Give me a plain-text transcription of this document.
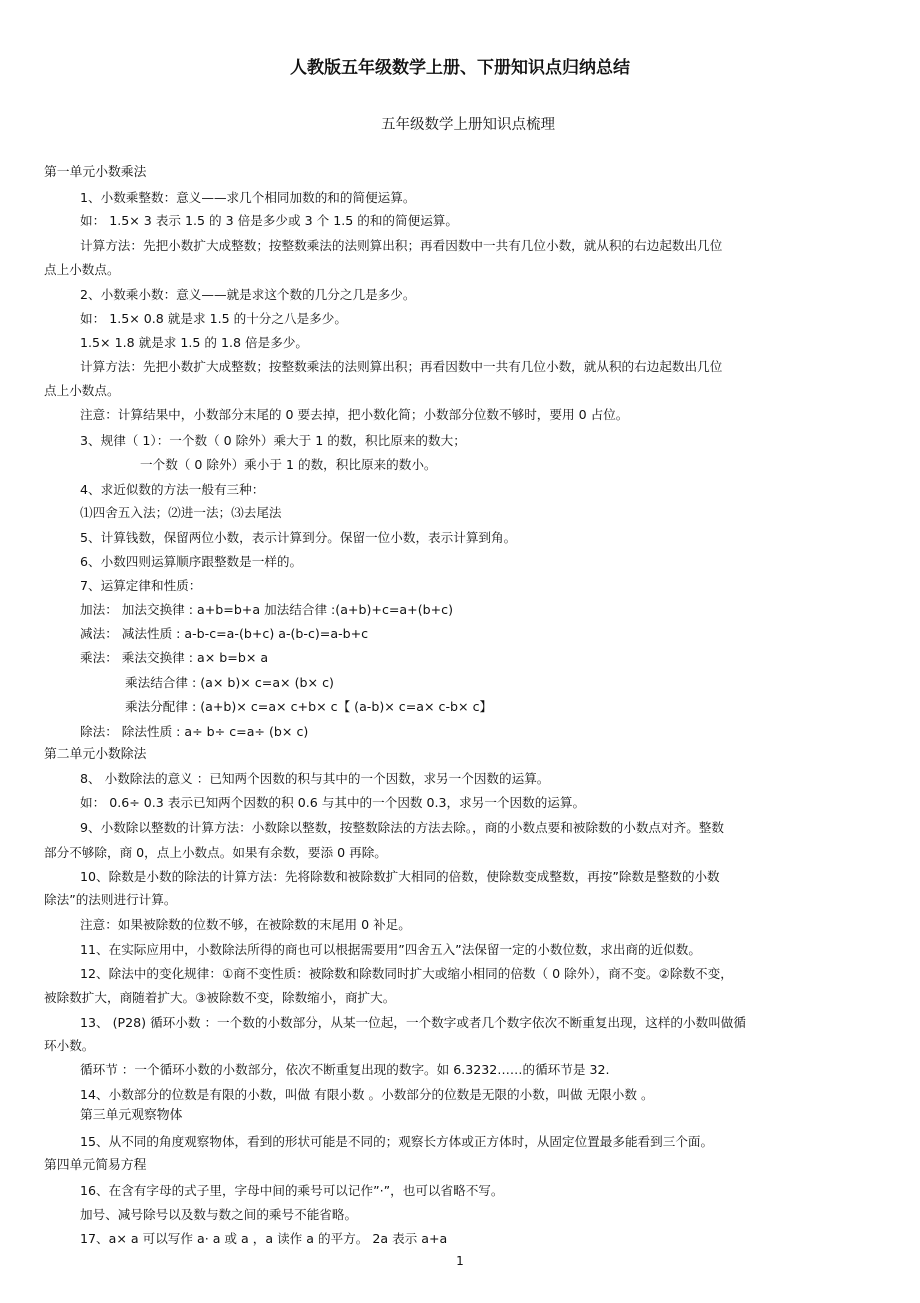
人教版五年级数学上册、下册知识点归纳总结
五年级数学上册知识点梳理
第一单元小数乘法
1、小数乘整数：意义——求几个相同加数的和的简便运算。
如： 1.5× 3 表示 1.5 的 3 倍是多少或 3 个 1.5 的和的简便运算。
计算方法：先把小数扩大成整数；按整数乘法的法则算出积；再看因数中一共有几位小数，就从积的右边起数出几位
点上小数点。
2、小数乘小数：意义——就是求这个数的几分之几是多少。
如： 1.5× 0.8 就是求 1.5 的十分之八是多少。
1.5× 1.8 就是求 1.5 的 1.8 倍是多少。
计算方法：先把小数扩大成整数；按整数乘法的法则算出积；再看因数中一共有几位小数，就从积的右边起数出几位
点上小数点。
注意：计算结果中，小数部分末尾的 0 要去掉，把小数化简；小数部分位数不够时，要用 0 占位。
3、规律（ 1）：一个数（ 0 除外）乘大于 1 的数，积比原来的数大；
一个数（ 0 除外）乘小于 1 的数，积比原来的数小。
4、求近似数的方法一般有三种：
⑴四舍五入法；⑵进一法；⑶去尾法
5、计算钱数，保留两位小数，表示计算到分。保留一位小数，表示计算到角。
6、小数四则运算顺序跟整数是一样的。
7、运算定律和性质：
加法： 加法交换律 : a+b=b+a 加法结合律 :(a+b)+c=a+(b+c)
减法： 减法性质 : a-b-c=a-(b+c) a-(b-c)=a-b+c
乘法： 乘法交换律 : a× b=b× a
乘法结合律 : (a× b)× c=a× (b× c)
乘法分配律 : (a+b)× c=a× c+b× c【 (a-b)× c=a× c-b× c】
除法： 除法性质 : a÷ b÷ c=a÷ (b× c)
第二单元小数除法
8、 小数除法的意义 ：已知两个因数的积与其中的一个因数，求另一个因数的运算。
如： 0.6÷ 0.3 表示已知两个因数的积 0.6 与其中的一个因数 0.3，求另一个因数的运算。
9、小数除以整数的计算方法：小数除以整数，按整数除法的方法去除。，商的小数点要和被除数的小数点对齐。整数
部分不够除，商 0，点上小数点。如果有余数，要添 0 再除。
10、除数是小数的除法的计算方法：先将除数和被除数扩大相同的倍数，使除数变成整数，再按”除数是整数的小数
除法”的法则进行计算。
注意：如果被除数的位数不够，在被除数的末尾用 0 补足。
11、在实际应用中，小数除法所得的商也可以根据需要用”四舍五入”法保留一定的小数位数，求出商的近似数。
12、除法中的变化规律：①商不变性质：被除数和除数同时扩大或缩小相同的倍数（ 0 除外），商不变。②除数不变，
被除数扩大，商随着扩大。③被除数不变，除数缩小，商扩大。
13、 (P28) 循环小数 ：一个数的小数部分，从某一位起，一个数字或者几个数字依次不断重复出现，这样的小数叫做循
环小数。
循环节 ：一个循环小数的小数部分，依次不断重复出现的数字。如 6.3232……的循环节是 32.
14、小数部分的位数是有限的小数，叫做 有限小数 。小数部分的位数是无限的小数，叫做 无限小数 。
第三单元观察物体
15、从不同的角度观察物体，看到的形状可能是不同的；观察长方体或正方体时，从固定位置最多能看到三个面。
第四单元简易方程
16、在含有字母的式子里，字母中间的乘号可以记作”·”，也可以省略不写。
加号、减号除号以及数与数之间的乘号不能省略。
17、a× a 可以写作 a· a 或 a ，a 读作 a 的平方。 2a 表示 a+a
1
